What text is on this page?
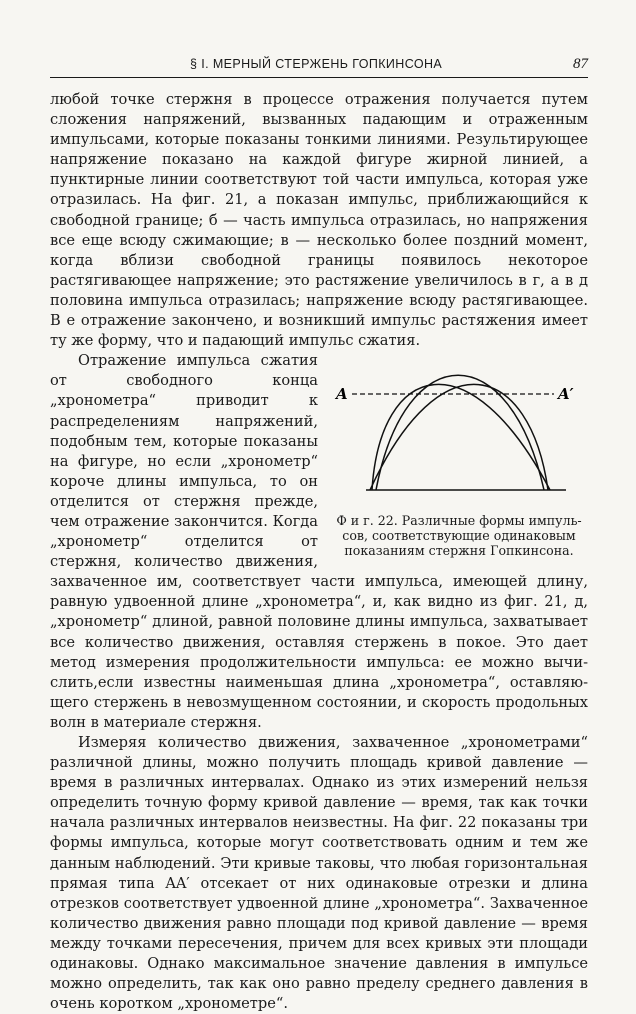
§ I. МЕРНЫЙ СТЕРЖЕНЬ ГОПКИНСОНА	87

любой точке стержня в процессе отражения получается путем сложения напряжений, вызванных падающим и отраженным импульсами, которые показаны тонкими линиями. Результирующее напряжение показано на каждой фигуре жирной линией, а пунктирные линии соответствуют той части импульса, которая уже отразилась. На фиг. 21, а показан импульс, приближающийся к свободной границе; б — часть импульса отразилась, но напряжения все еще всюду сжимающие; в — несколько более поздний момент, когда вблизи свободной границы появилось некоторое растягивающее напряжение; это растяжение увеличилось в г, а в д половина импульса отразилась; напряжение всюду растягивающее. В е отражение закончено, и возникший импульс растяжения имеет ту же форму, что и падающий импульс сжатия.

A	A′
Ф и г. 22. Различные формы импульсов, соответствующие одинаковым показаниям стержня Гопкинсона.

Отражение импульса сжатия от свободного конца „хронометра“ приводит к распределениям напряжений, подобным тем, которые показаны на фигуре, но если „хронометр“ короче длины импульса, то он отделится от стержня прежде, чем отражение закончится. Когда „хронометр“ отделится от стержня, количество движения, захваченное им, соответствует части импульса, имеющей длину, равную удвоенной длине „хронометра“, и, как видно из фиг. 21, д, „хронометр“ длиной, равной половине длины импульса, захватывает все количество движения, оставляя стержень в покое. Это дает метод измерения продолжительности импульса: ее можно вычислить,если известны наименьшая длина „хронометра“, оставляющего стержень в невозмущенном состоянии, и скорость продольных волн в материале стержня.

Измеряя количество движения, захваченное „хронометрами“ различной длины, можно получить площадь кривой давление — время в различных интервалах. Однако из этих измерений нельзя определить точную форму кривой давление — время, так как точки начала различных интервалов неизвестны. На фиг. 22 показаны три формы импульса, которые могут соответствовать одним и тем же данным наблюдений. Эти кривые таковы, что любая горизонтальная прямая типа AA′ отсекает от них одинаковые отрезки и длина отрезков соответствует удвоенной длине „хронометра“. Захваченное количество движения равно площади под кривой давление — время между точками пересечения, причем для всех кривых эти площади одинаковы. Однако максимальное значение давления в импульсе можно определить, так как оно равно пределу среднего давления в очень коротком „хронометре“.
